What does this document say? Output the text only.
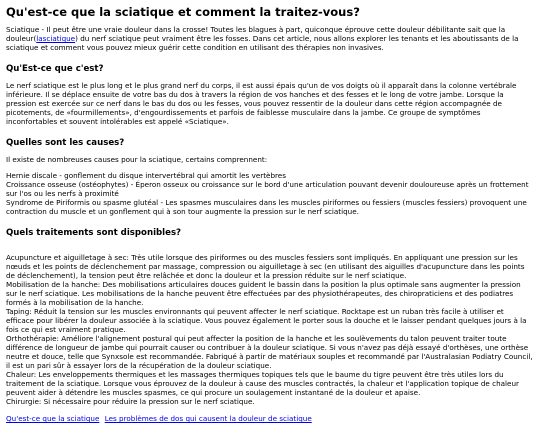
Qu'est-ce que la sciatique et comment la traitez-vous?

Sciatique - Il peut être une vraie douleur dans la crosse! Toutes les blagues à part, quiconque éprouve cette douleur débilitante sait que la douleur(lasciatique) du nerf sciatique peut vraiment être les fosses. Dans cet article, nous allons explorer les tenants et les aboutissants de la sciatique et comment vous pouvez mieux guérir cette condition en utilisant des thérapies non invasives.

Qu'Est-ce que c'est?

Le nerf sciatique est le plus long et le plus grand nerf du corps, il est aussi épais qu'un de vos doigts où il apparaît dans la colonne vertébrale inférieure. Il se déplace ensuite de votre bas du dos à travers la région de vos hanches et des fesses et le long de votre jambe. Lorsque la pression est exercée sur ce nerf dans le bas du dos ou les fesses, vous pouvez ressentir de la douleur dans cette région accompagnée de picotements, de «fourmillements», d'engourdissements et parfois de faiblesse musculaire dans la jambe. Ce groupe de symptômes inconfortables et souvent intolérables est appelé «Sciatique».

Quelles sont les causes?

Il existe de nombreuses causes pour la sciatique, certains comprennent:

Hernie discale - gonflement du disque intervertébral qui amortit les vertèbres
Croissance osseuse (ostéophytes) - Éperon osseux ou croissance sur le bord d'une articulation pouvant devenir douloureuse après un frottement sur l'os ou les nerfs à proximité
Syndrome de Piriformis ou spasme glutéal - Les spasmes musculaires dans les muscles piriformes ou fessiers (muscles fessiers) provoquent une contraction du muscle et un gonflement qui à son tour augmente la pression sur le nerf sciatique.
Quels traitements sont disponibles?
Acupuncture et aiguilletage à sec: Très utile lorsque des piriformes ou des muscles fessiers sont impliqués. En appliquant une pression sur les nœuds et les points de déclenchement par massage, compression ou aiguilletage à sec (en utilisant des aiguilles d'acupuncture dans les points de déclenchement), la tension peut être relâchée et donc la douleur et la pression réduite sur le nerf sciatique.
Mobilisation de la hanche: Des mobilisations articulaires douces guident le bassin dans la position la plus optimale sans augmenter la pression sur le nerf sciatique. Les mobilisations de la hanche peuvent être effectuées par des physiothérapeutes, des chiropraticiens et des podiatres formés à la mobilisation de la hanche.
Taping: Réduit la tension sur les muscles environnants qui peuvent affecter le nerf sciatique. Rocktape est un ruban très facile à utiliser et efficace pour libérer la douleur associée à la sciatique. Vous pouvez également le porter sous la douche et le laisser pendant quelques jours à la fois ce qui est vraiment pratique.
Orthothérapie: Améliore l'alignement postural qui peut affecter la position de la hanche et les soulèvements du talon peuvent traiter toute différence de longueur de jambe qui pourrait causer ou contribuer à la douleur sciatique. Si vous n'avez pas déjà essayé d'orthèses, une orthèse neutre et douce, telle que Synxsole est recommandée. Fabriqué à partir de matériaux souples et recommandé par l'Australasian Podiatry Council, il est un pari sûr à essayer lors de la récupération de la douleur sciatique.
Chaleur: Les enveloppements thermiques et les massages thermiques topiques tels que le baume du tigre peuvent être très utiles lors du traitement de la sciatique. Lorsque vous éprouvez de la douleur à cause des muscles contractés, la chaleur et l'application topique de chaleur peuvent aider à détendre les muscles spasmes, ce qui procure un soulagement instantané de la douleur et apaise.
Chirurgie: Si nécessaire pour réduire la pression sur le nerf sciatique.
Qu'est-ce que la sciatique Les problèmes de dos qui causent la douleur de sciatique
